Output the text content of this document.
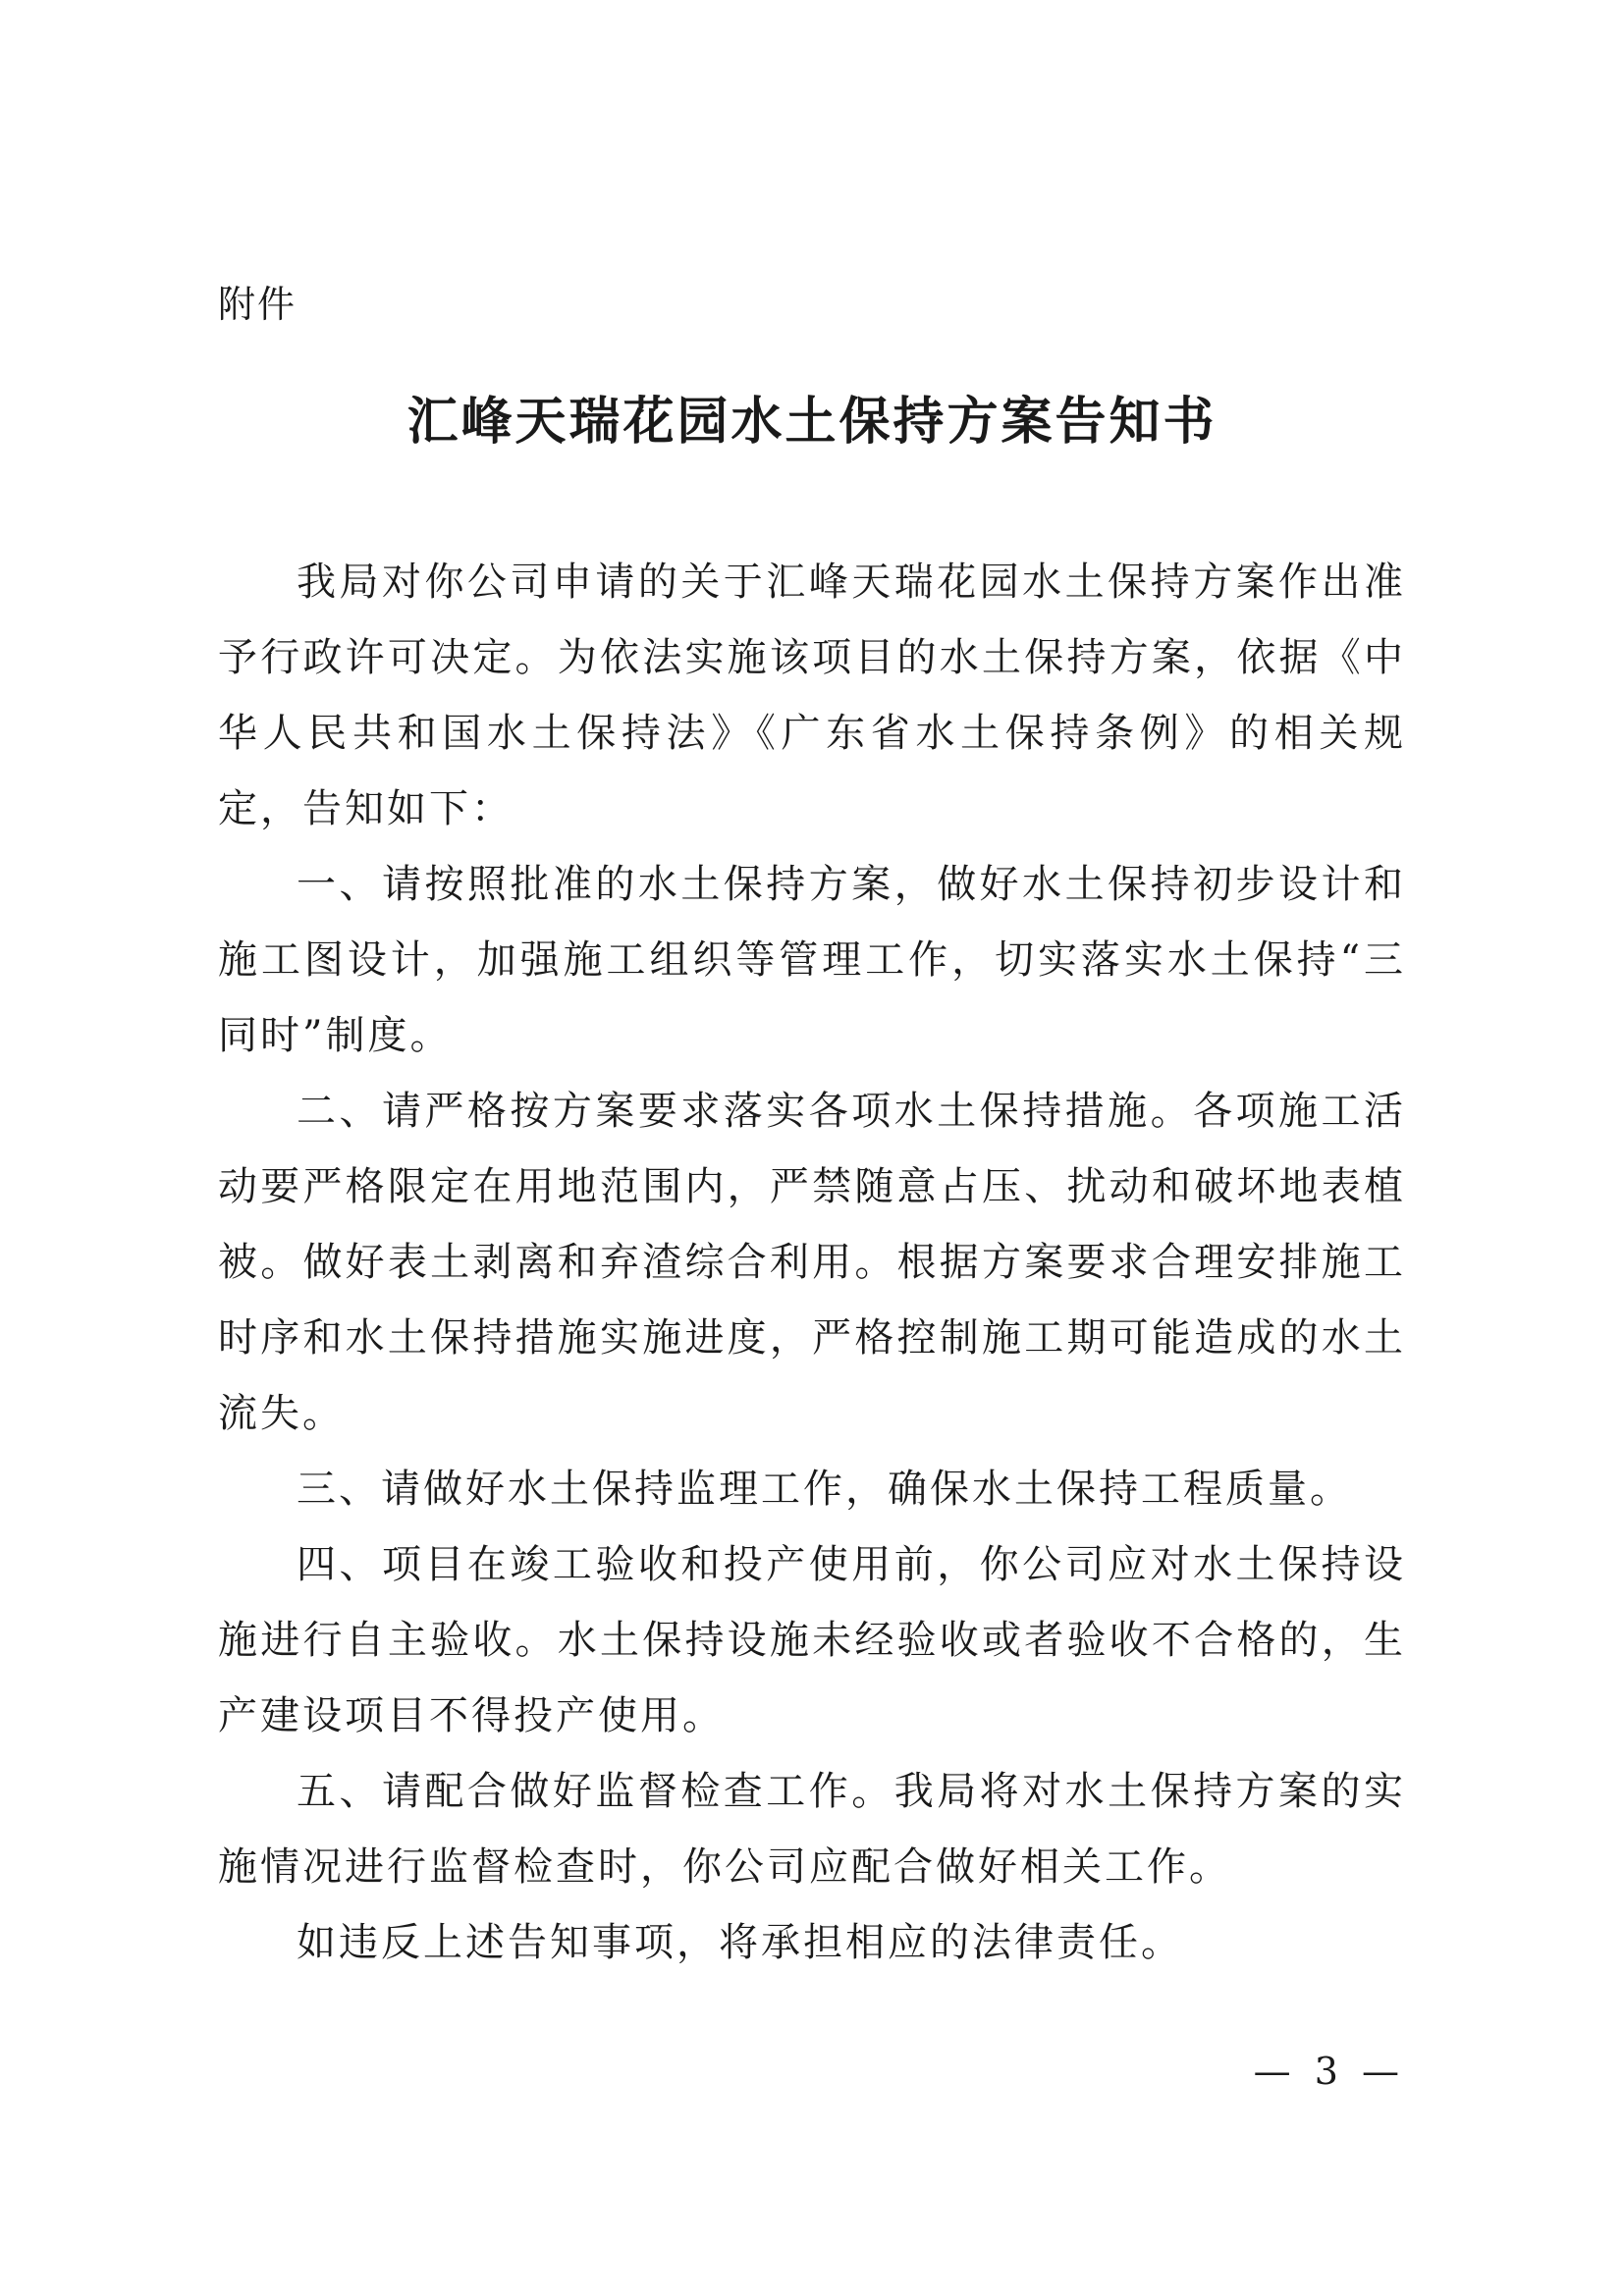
附件
汇峰天瑞花园水土保持方案告知书

我局对你公司申请的关于汇峰天瑞花园水土保持方案作出准予行政许可决定。为依法实施该项目的水土保持方案，依据《中华人民共和国水土保持法》《广东省水土保持条例》的相关规定，告知如下：

一、请按照批准的水土保持方案，做好水土保持初步设计和施工图设计，加强施工组织等管理工作，切实落实水土保持“三同时”制度。

二、请严格按方案要求落实各项水土保持措施。各项施工活动要严格限定在用地范围内，严禁随意占压、扰动和破坏地表植被。做好表土剥离和弃渣综合利用。根据方案要求合理安排施工时序和水土保持措施实施进度，严格控制施工期可能造成的水土流失。

三、请做好水土保持监理工作，确保水土保持工程质量。

四、项目在竣工验收和投产使用前，你公司应对水土保持设施进行自主验收。水土保持设施未经验收或者验收不合格的，生产建设项目不得投产使用。

五、请配合做好监督检查工作。我局将对水土保持方案的实施情况进行监督检查时，你公司应配合做好相关工作。

如违反上述告知事项，将承担相应的法律责任。

— 3 —
